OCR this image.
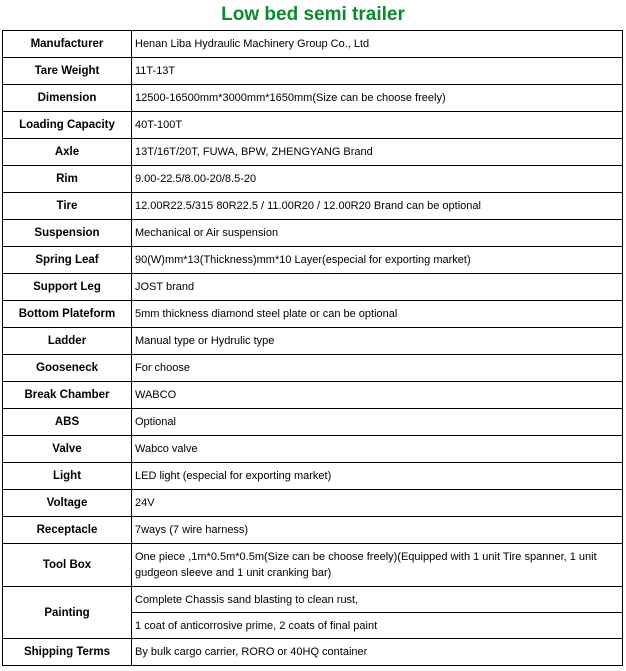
Low bed semi trailer
Manufacturer	Henan Liba Hydraulic Machinery Group Co., Ltd
Tare Weight	11T-13T
Dimension	12500-16500mm*3000mm*1650mm(Size can be choose freely)
Loading Capacity	40T-100T
Axle	13T/16T/20T, FUWA, BPW, ZHENGYANG Brand
Rim	9.00-22.5/8.00-20/8.5-20
Tire	12.00R22.5/315 80R22.5 / 11.00R20 / 12.00R20 Brand can be optional
Suspension	Mechanical or Air suspension
Spring Leaf	90(W)mm*13(Thickness)mm*10 Layer(especial for exporting market)
Support Leg	JOST brand
Bottom Plateform	5mm thickness diamond steel plate or can be optional
Ladder	Manual type or Hydrulic type
Gooseneck	For choose
Break Chamber	WABCO
ABS	Optional
Valve	Wabco valve
Light	LED light (especial for exporting market)
Voltage	24V
Receptacle	7ways (7 wire harness)
Tool Box	One piece ,1m*0.5m*0.5m(Size can be choose freely)(Equipped with 1 unit Tire spanner, 1 unit gudgeon sleeve and 1 unit cranking bar)
Painting	Complete Chassis sand blasting to clean rust,
	1 coat of anticorrosive prime, 2 coats of final paint
Shipping Terms	By bulk cargo carrier, RORO or 40HQ container
